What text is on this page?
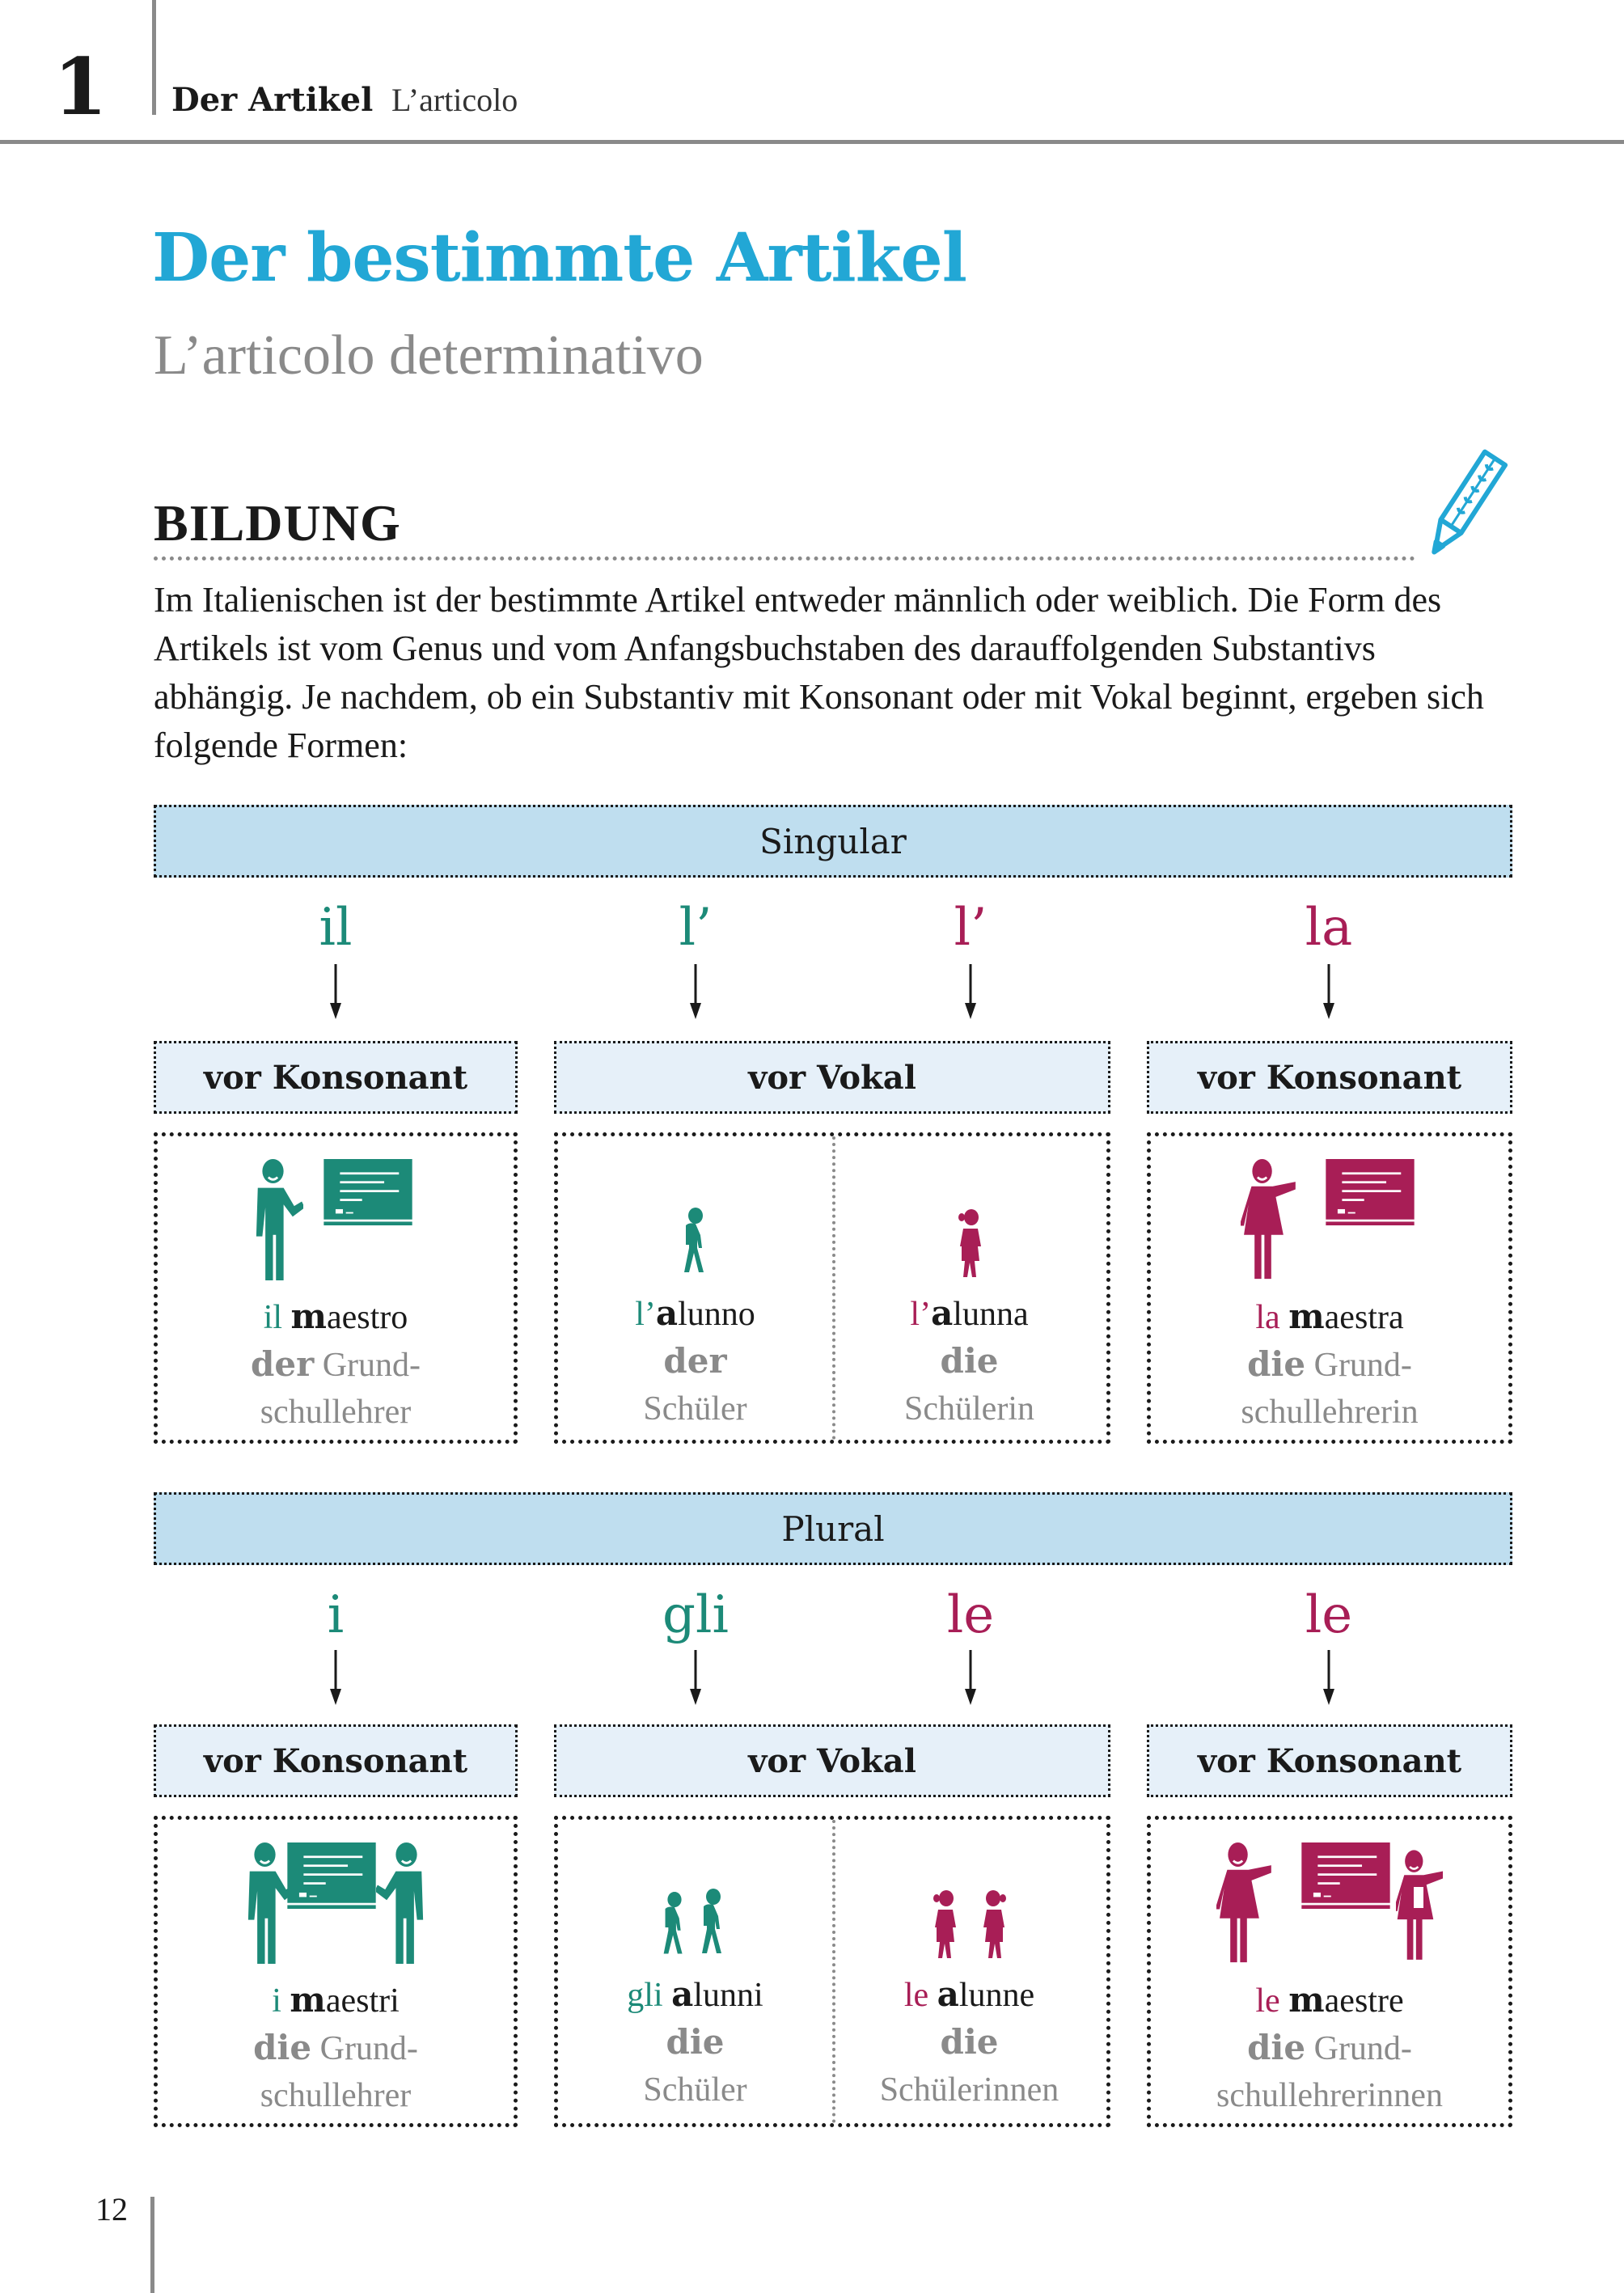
1 Der Artikel L’articolo
Der bestimmte Artikel
L’articolo determinativo
BILDUNG

Im Italienischen ist der bestimmte Artikel entweder männlich oder weiblich. Die Form des Artikels ist vom Genus und vom Anfangsbuchstaben des darauffolgenden Substantivs abhängig. Je nachdem, ob ein Substantiv mit Konsonant oder mit Vokal beginnt, ergeben sich folgende Formen:

Singular
il	l’	l’	la
vor Konsonant	vor Vokal	vor Konsonant
il maestro
der Grund-
schullehrer
l’alunno
der
Schüler
l’alunna
die
Schülerin
la maestra
die Grund-
schullehrerin
Plural
i	gli	le	le
vor Konsonant	vor Vokal	vor Konsonant
i maestri
die Grund-
schullehrer
gli alunni
die
Schüler
le alunne
die
Schülerinnen
le maestre
die Grund-
schullehrerinnen
12
